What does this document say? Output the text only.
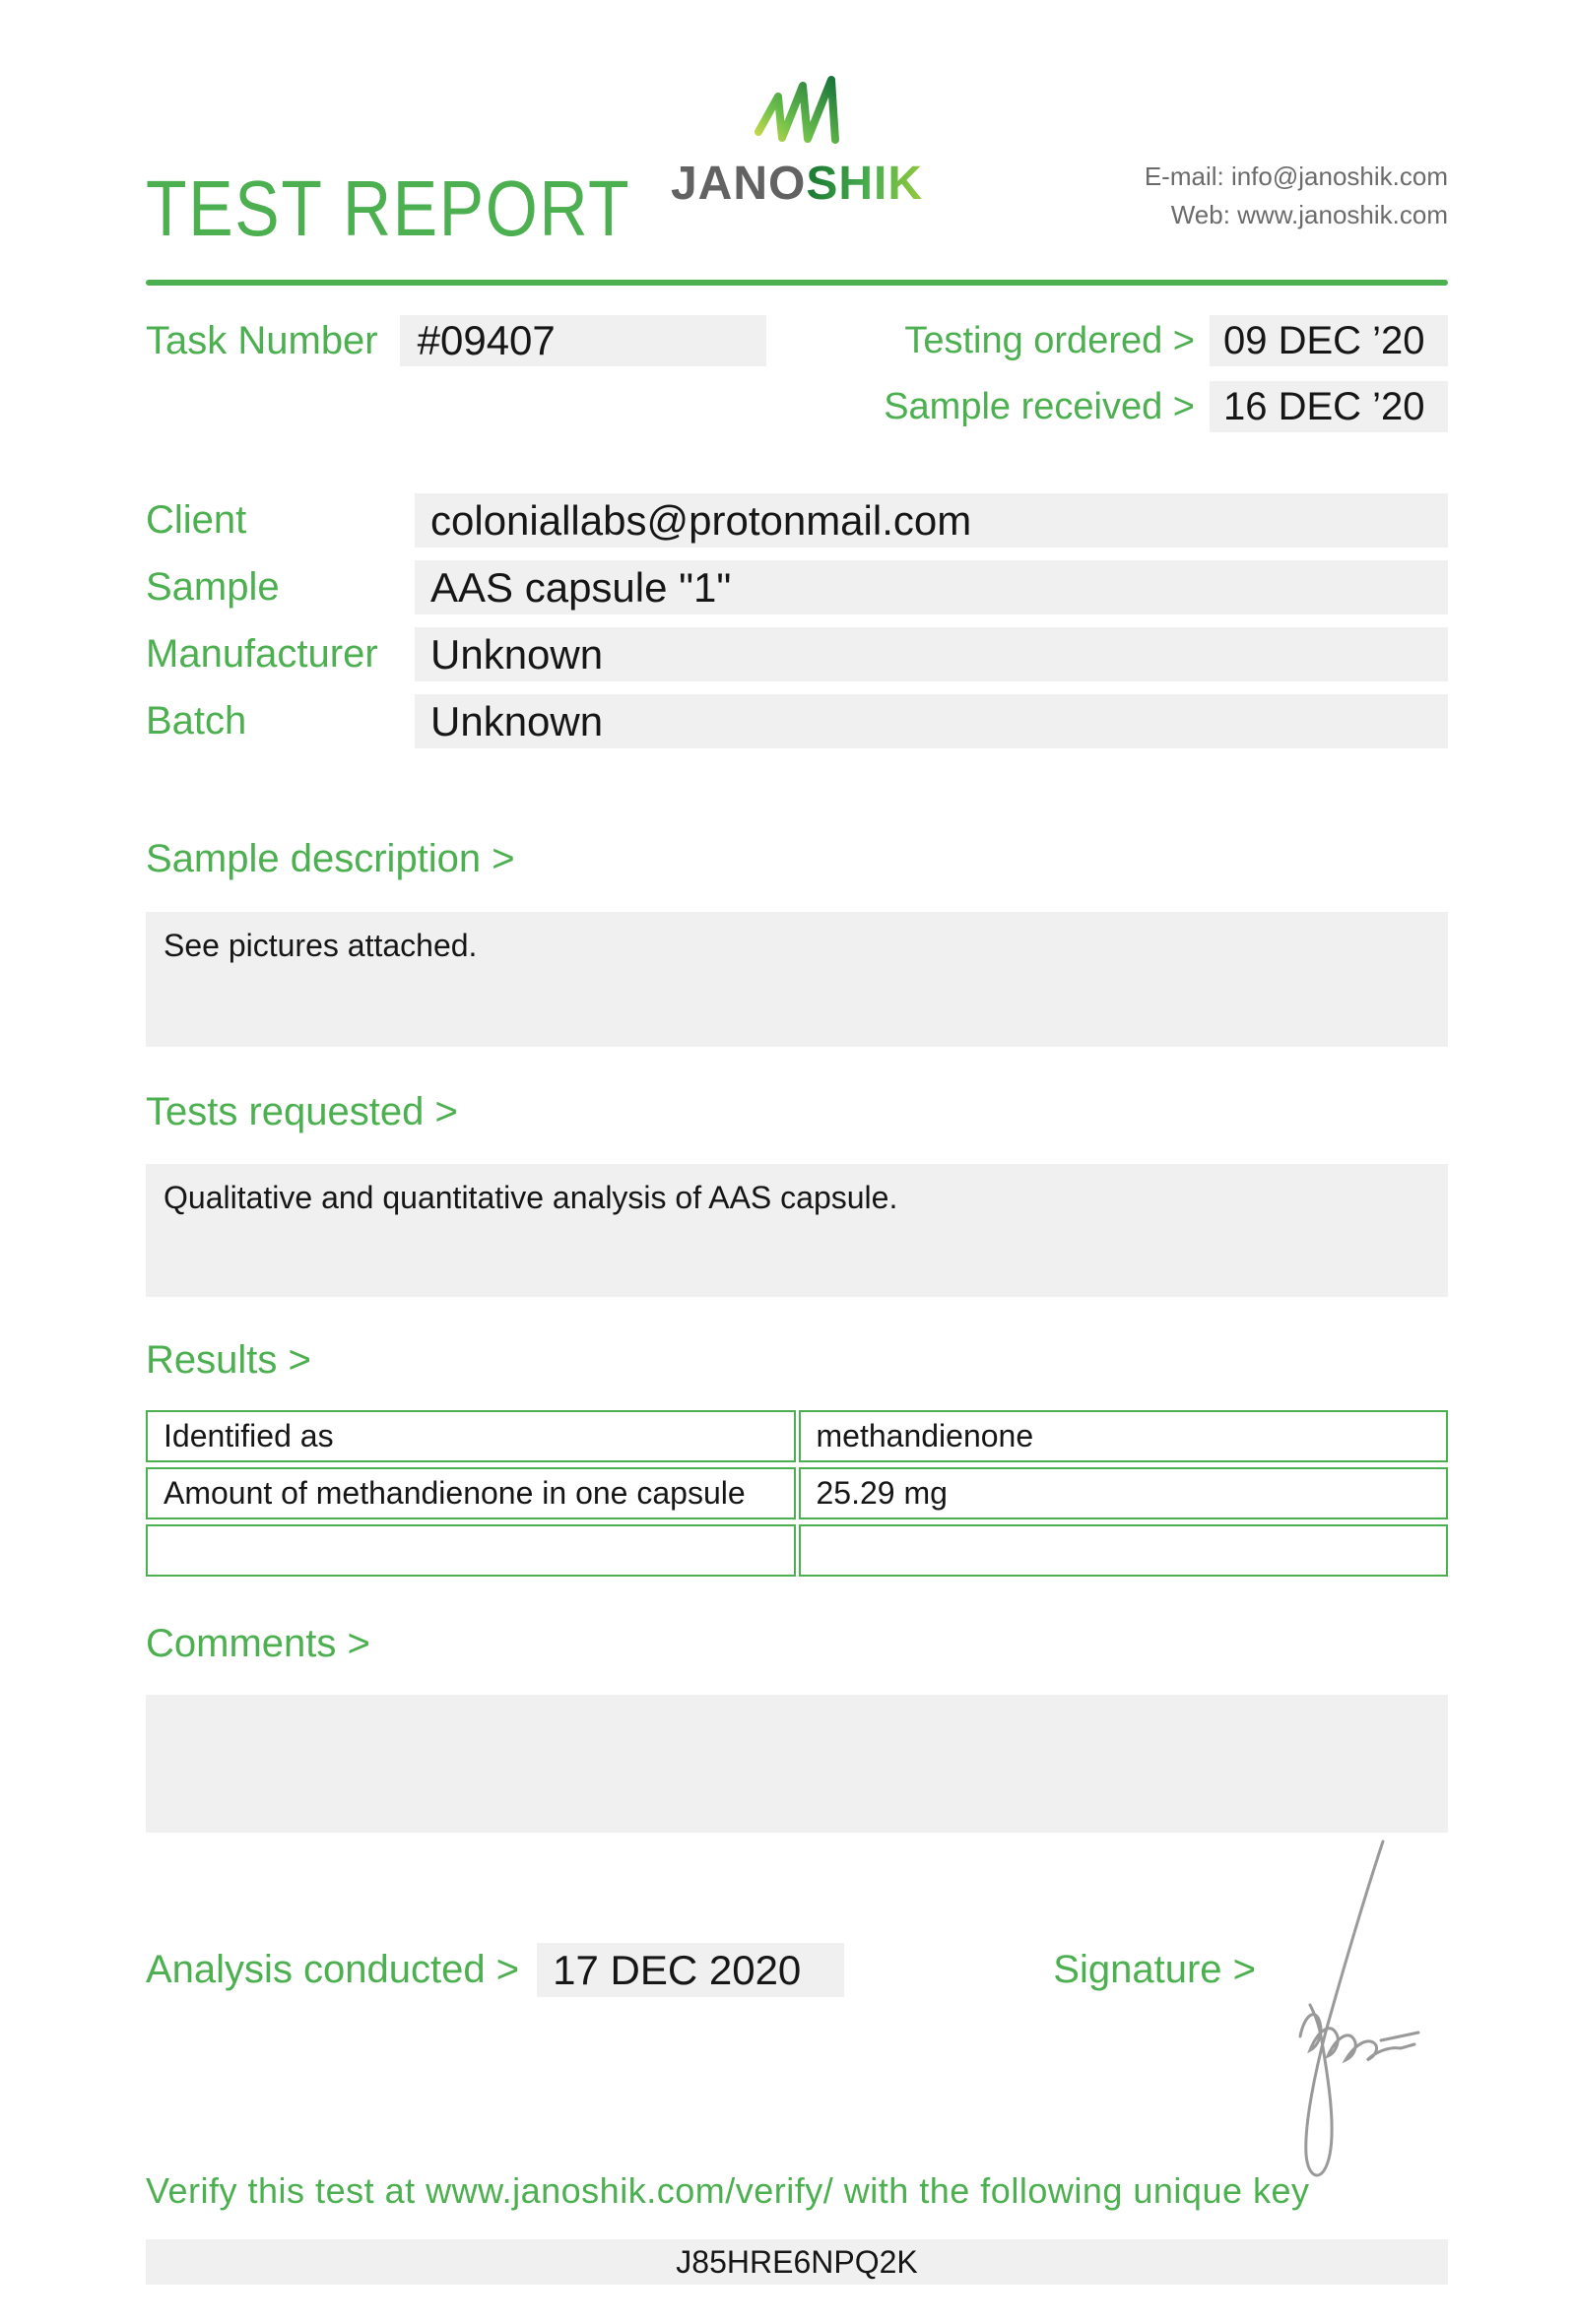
TEST REPORT JANOSHIK	E-mail: info@janoshik.com
Web: www.janoshik.com
Task Number #09407	Testing ordered > 09 DEC ’20
Sample received > 16 DEC ’20
Client	coloniallabs@protonmail.com
Sample	AAS capsule "1"
Manufacturer	Unknown
Batch	Unknown
Sample description >
See pictures attached.
Tests requested >
Qualitative and quantitative analysis of AAS capsule.
Results >
Identified as	methandienone
Amount of methandienone in one capsule	25.29 mg
Comments >
Analysis conducted > 17 DEC 2020	Signature >
Verify this test at www.janoshik.com/verify/ with the following unique key
J85HRE6NPQ2K
